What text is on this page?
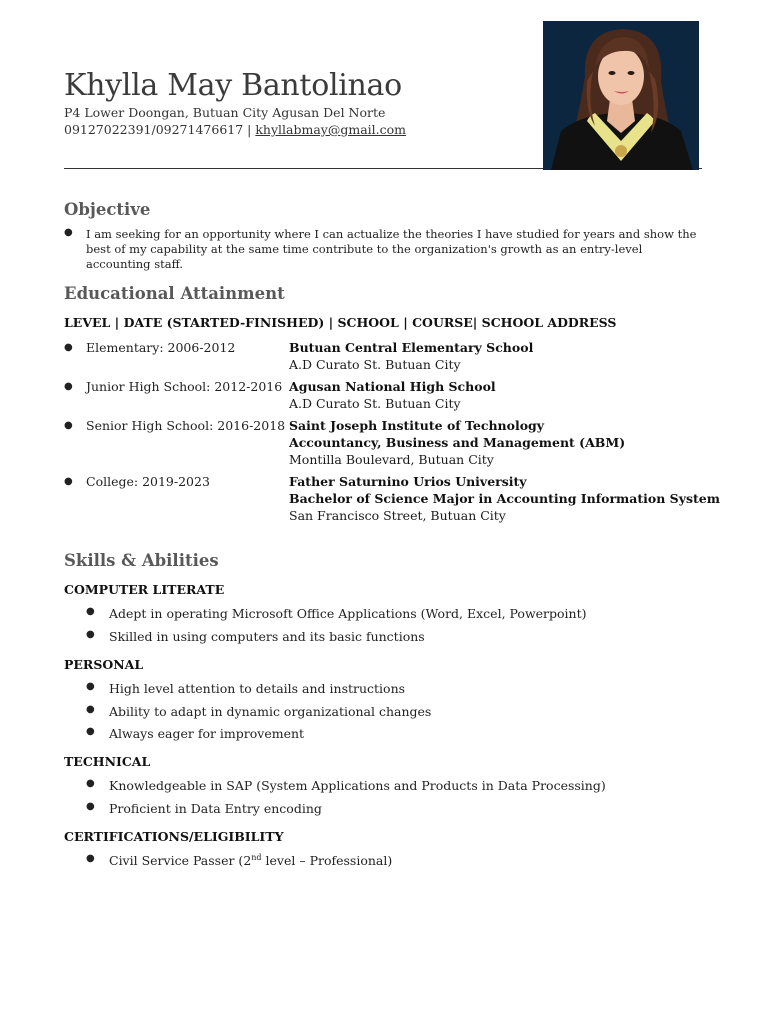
Khylla May Bantolinao
P4 Lower Doongan, Butuan City Agusan Del Norte
09127022391/09271476617 | khyllabmay@gmail.com
Objective
● I am seeking for an opportunity where I can actualize the theories I have studied for years and show the best of my capability at the same time contribute to the organization's growth as an entry-level accounting staff.
Educational Attainment
LEVEL | DATE (STARTED-FINISHED) | SCHOOL | COURSE| SCHOOL ADDRESS
● Elementary: 2006-2012	Butuan Central Elementary School
A.D Curato St. Butuan City
● Junior High School: 2012-2016 Agusan National High School
A.D Curato St. Butuan City
● Senior High School: 2016-2018 Saint Joseph Institute of Technology
Accountancy, Business and Management (ABM)
Montilla Boulevard, Butuan City
● College: 2019-2023	Father Saturnino Urios University
Bachelor of Science Major in Accounting Information System
San Francisco Street, Butuan City
Skills & Abilities
COMPUTER LITERATE
● Adept in operating Microsoft Office Applications (Word, Excel, Powerpoint)
● Skilled in using computers and its basic functions
PERSONAL
● High level attention to details and instructions
● Ability to adapt in dynamic organizational changes
● Always eager for improvement
TECHNICAL
● Knowledgeable in SAP (System Applications and Products in Data Processing)
● Proficient in Data Entry encoding
CERTIFICATIONS/ELIGIBILITY
● Civil Service Passer (2nd level – Professional)
